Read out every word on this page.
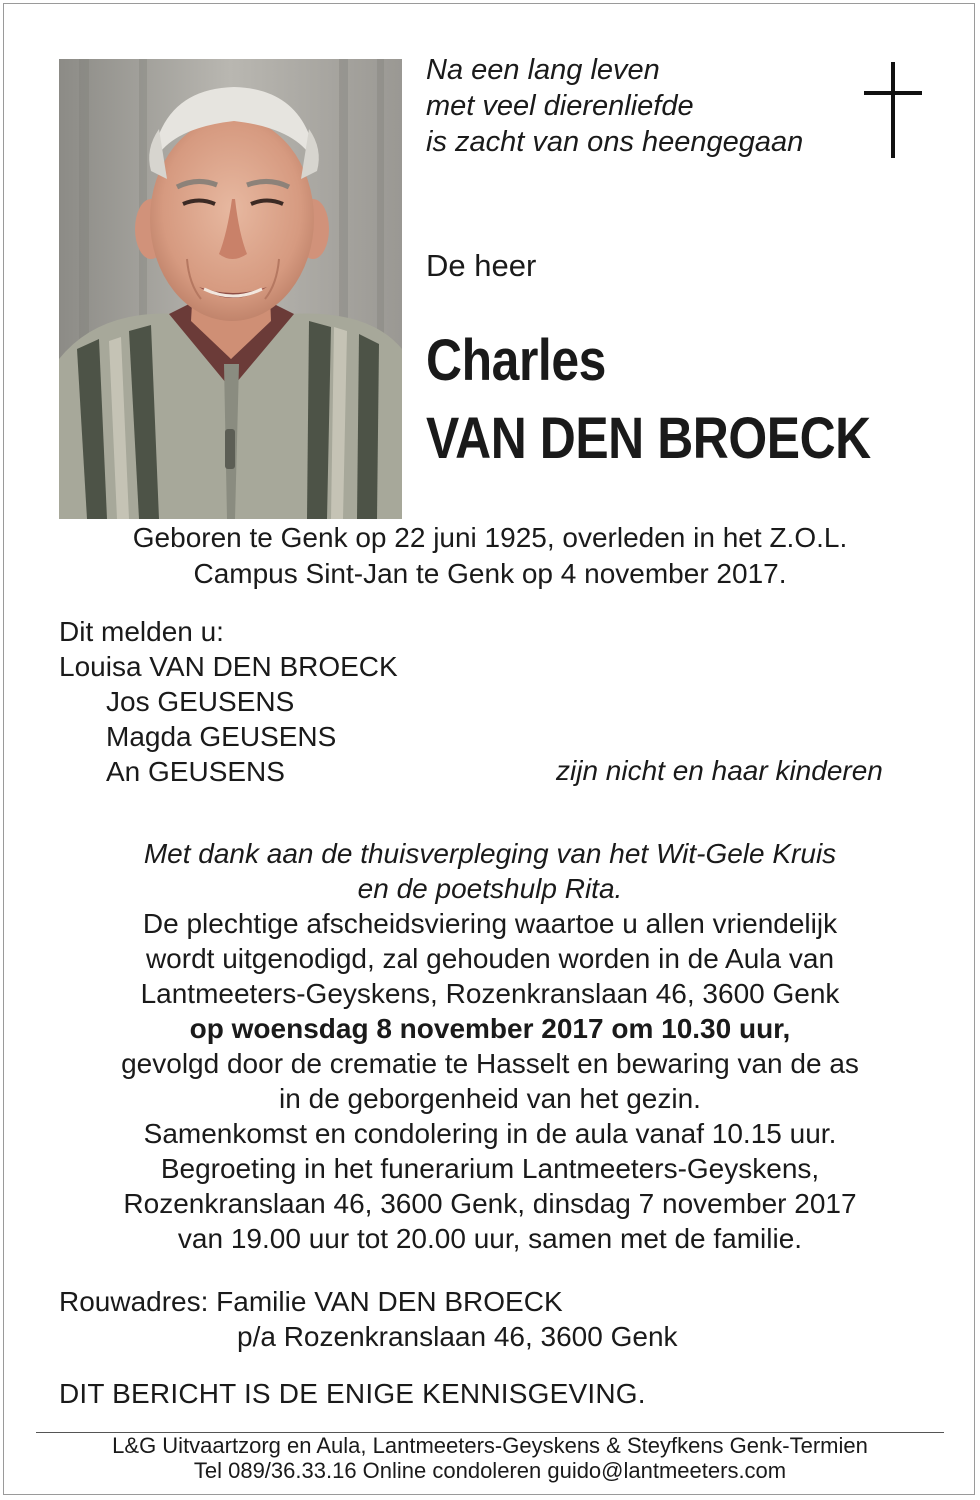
Na een lang leven
met veel dierenliefde
is zacht van ons heengegaan
De heer
Charles
VAN DEN BROECK
Geboren te Genk op 22 juni 1925, overleden in het Z.O.L.
Campus Sint-Jan te Genk op 4 november 2017.
Dit melden u:
Louisa VAN DEN BROECK
Jos GEUSENS
Magda GEUSENS
An GEUSENS	zijn nicht en haar kinderen
Met dank aan de thuisverpleging van het Wit-Gele Kruis
en de poetshulp Rita.
De plechtige afscheidsviering waartoe u allen vriendelijk
wordt uitgenodigd, zal gehouden worden in de Aula van
Lantmeeters-Geyskens, Rozenkranslaan 46, 3600 Genk
op woensdag 8 november 2017 om 10.30 uur,
gevolgd door de crematie te Hasselt en bewaring van de as
in de geborgenheid van het gezin.
Samenkomst en condolering in de aula vanaf 10.15 uur.
Begroeting in het funerarium Lantmeeters-Geyskens,
Rozenkranslaan 46, 3600 Genk, dinsdag 7 november 2017
van 19.00 uur tot 20.00 uur, samen met de familie.
Rouwadres: Familie VAN DEN BROECK
p/a Rozenkranslaan 46, 3600 Genk
DIT BERICHT IS DE ENIGE KENNISGEVING.
L&G Uitvaartzorg en Aula, Lantmeeters-Geyskens & Steyfkens Genk-Termien
Tel 089/36.33.16 Online condoleren guido@lantmeeters.com
